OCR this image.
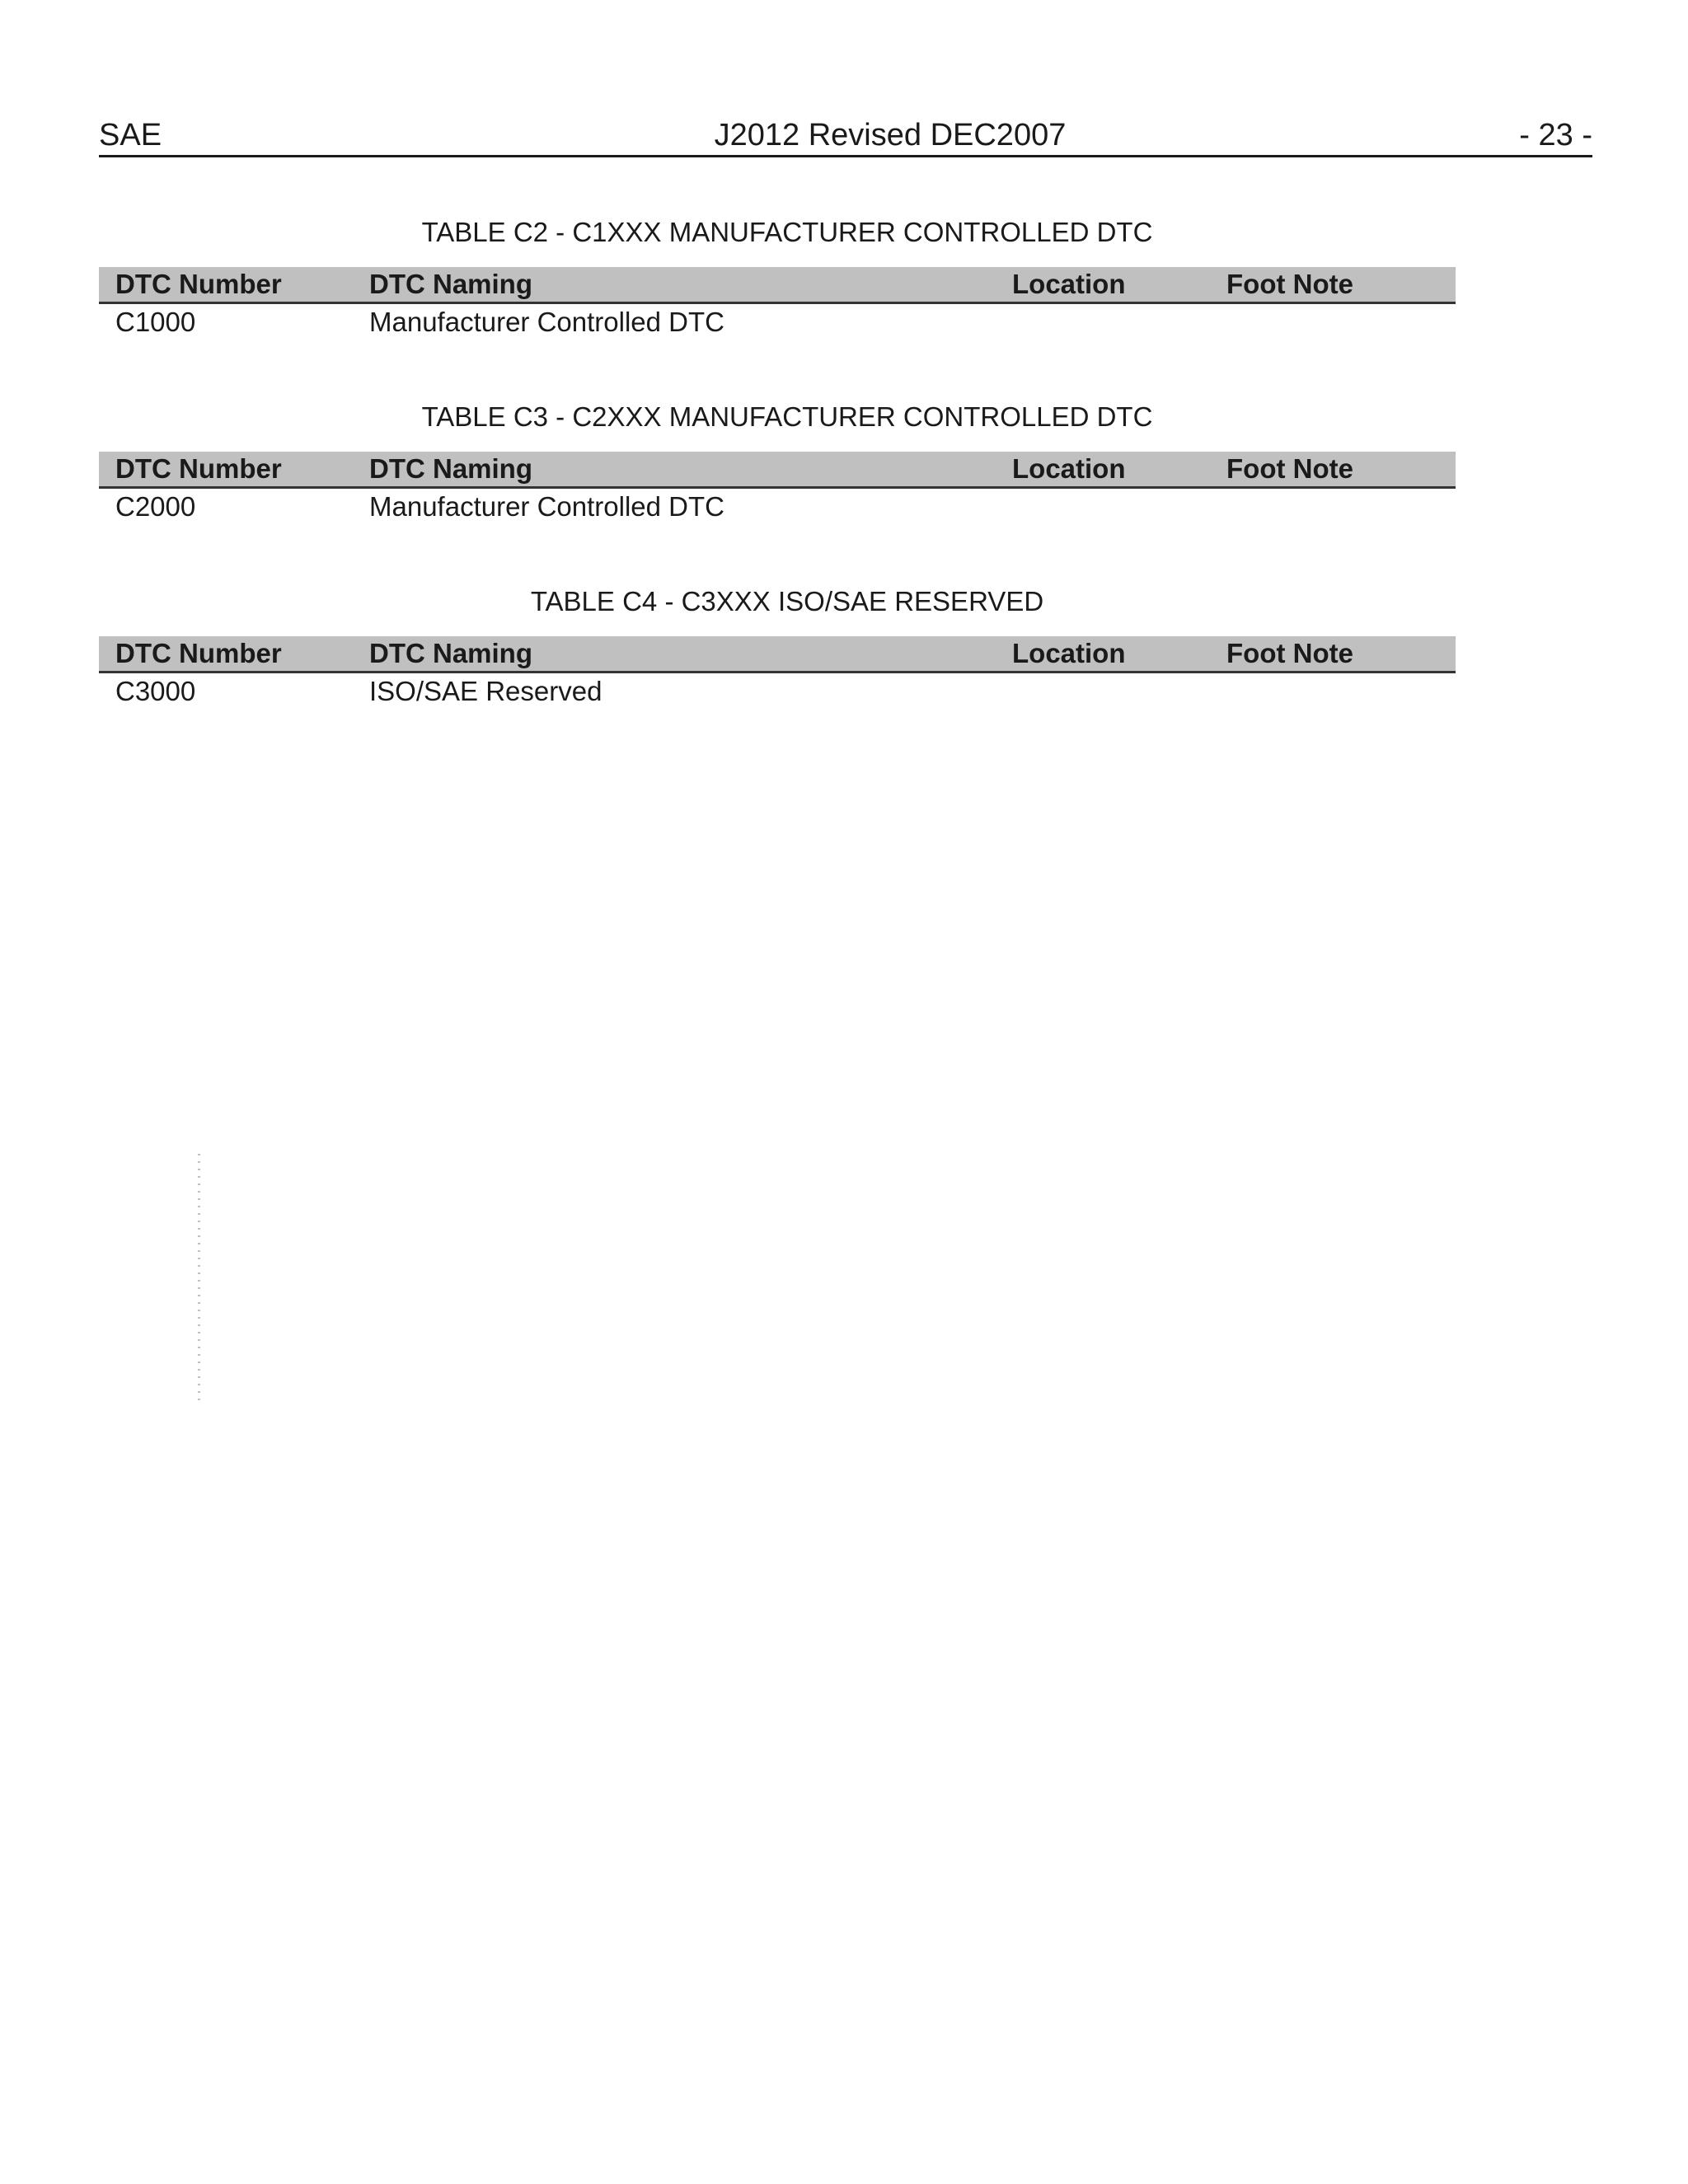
SAE	J2012 Revised DEC2007	- 23 -
TABLE C2 - C1XXX MANUFACTURER CONTROLLED DTC
DTC Number	DTC Naming	Location	Foot Note
C1000	Manufacturer Controlled DTC		
TABLE C3 - C2XXX MANUFACTURER CONTROLLED DTC
DTC Number	DTC Naming	Location	Foot Note
C2000	Manufacturer Controlled DTC		
TABLE C4 - C3XXX ISO/SAE RESERVED
DTC Number	DTC Naming	Location	Foot Note
C3000	ISO/SAE Reserved		
